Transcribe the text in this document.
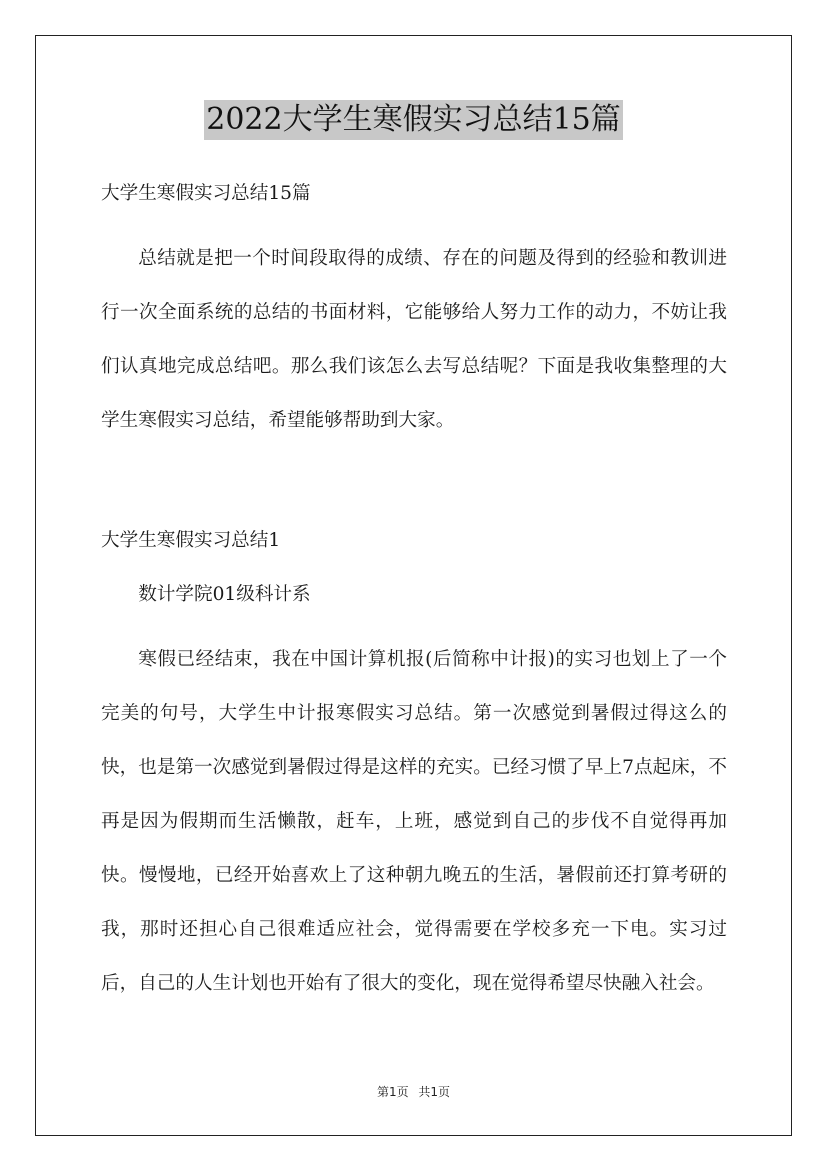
2022大学生寒假实习总结15篇
大学生寒假实习总结15篇

总结就是把一个时间段取得的成绩、存在的问题及得到的经验和教训进行一次全面系统的总结的书面材料，它能够给人努力工作的动力，不妨让我们认真地完成总结吧。那么我们该怎么去写总结呢？下面是我收集整理的大学生寒假实习总结，希望能够帮助到大家。

大学生寒假实习总结1
数计学院01级科计系

寒假已经结束，我在中国计算机报(后简称中计报)的实习也划上了一个完美的句号，大学生中计报寒假实习总结。第一次感觉到暑假过得这么的快，也是第一次感觉到暑假过得是这样的充实。已经习惯了早上7点起床，不再是因为假期而生活懒散，赶车，上班，感觉到自己的步伐不自觉得再加快。慢慢地，已经开始喜欢上了这种朝九晚五的生活，暑假前还打算考研的我，那时还担心自己很难适应社会，觉得需要在学校多充一下电。实习过后，自己的人生计划也开始有了很大的变化，现在觉得希望尽快融入社会。

第1页 共1页
